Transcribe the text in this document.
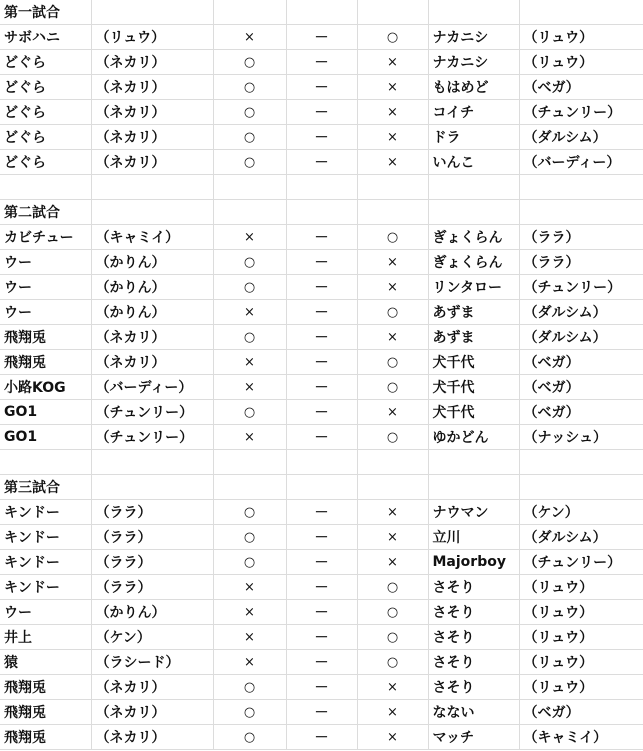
第一試合						
サボハニ	（リュウ）	×	－	○	ナカニシ	（リュウ）
どぐら	（ネカリ）	○	－	×	ナカニシ	（リュウ）
どぐら	（ネカリ）	○	－	×	もはめど	（ベガ）
どぐら	（ネカリ）	○	－	×	コイチ	（チュンリー）
どぐら	（ネカリ）	○	－	×	ドラ	（ダルシム）
どぐら	（ネカリ）	○	－	×	いんこ	（バーディー）

第二試合						
カビチュー	（キャミイ）	×	－	○	ぎょくらん	（ララ）
ウー	（かりん）	○	－	×	ぎょくらん	（ララ）
ウー	（かりん）	○	－	×	リンタロー	（チュンリー）
ウー	（かりん）	×	－	○	あずま	（ダルシム）
飛翔兎	（ネカリ）	○	－	×	あずま	（ダルシム）
飛翔兎	（ネカリ）	×	－	○	犬千代	（ベガ）
小路KOG	（バーディー）	×	－	○	犬千代	（ベガ）
GO1	（チュンリー）	○	－	×	犬千代	（ベガ）
GO1	（チュンリー）	×	－	○	ゆかどん	（ナッシュ）

第三試合						
キンドー	（ララ）	○	－	×	ナウマン	（ケン）
キンドー	（ララ）	○	－	×	立川	（ダルシム）
キンドー	（ララ）	○	－	×	Majorboy	（チュンリー）
キンドー	（ララ）	×	－	○	さそり	（リュウ）
ウー	（かりん）	×	－	○	さそり	（リュウ）
井上	（ケン）	×	－	○	さそり	（リュウ）
猿	（ラシード）	×	－	○	さそり	（リュウ）
飛翔兎	（ネカリ）	○	－	×	さそり	（リュウ）
飛翔兎	（ネカリ）	○	－	×	なない	（ベガ）
飛翔兎	（ネカリ）	○	－	×	マッチ	（キャミイ）
